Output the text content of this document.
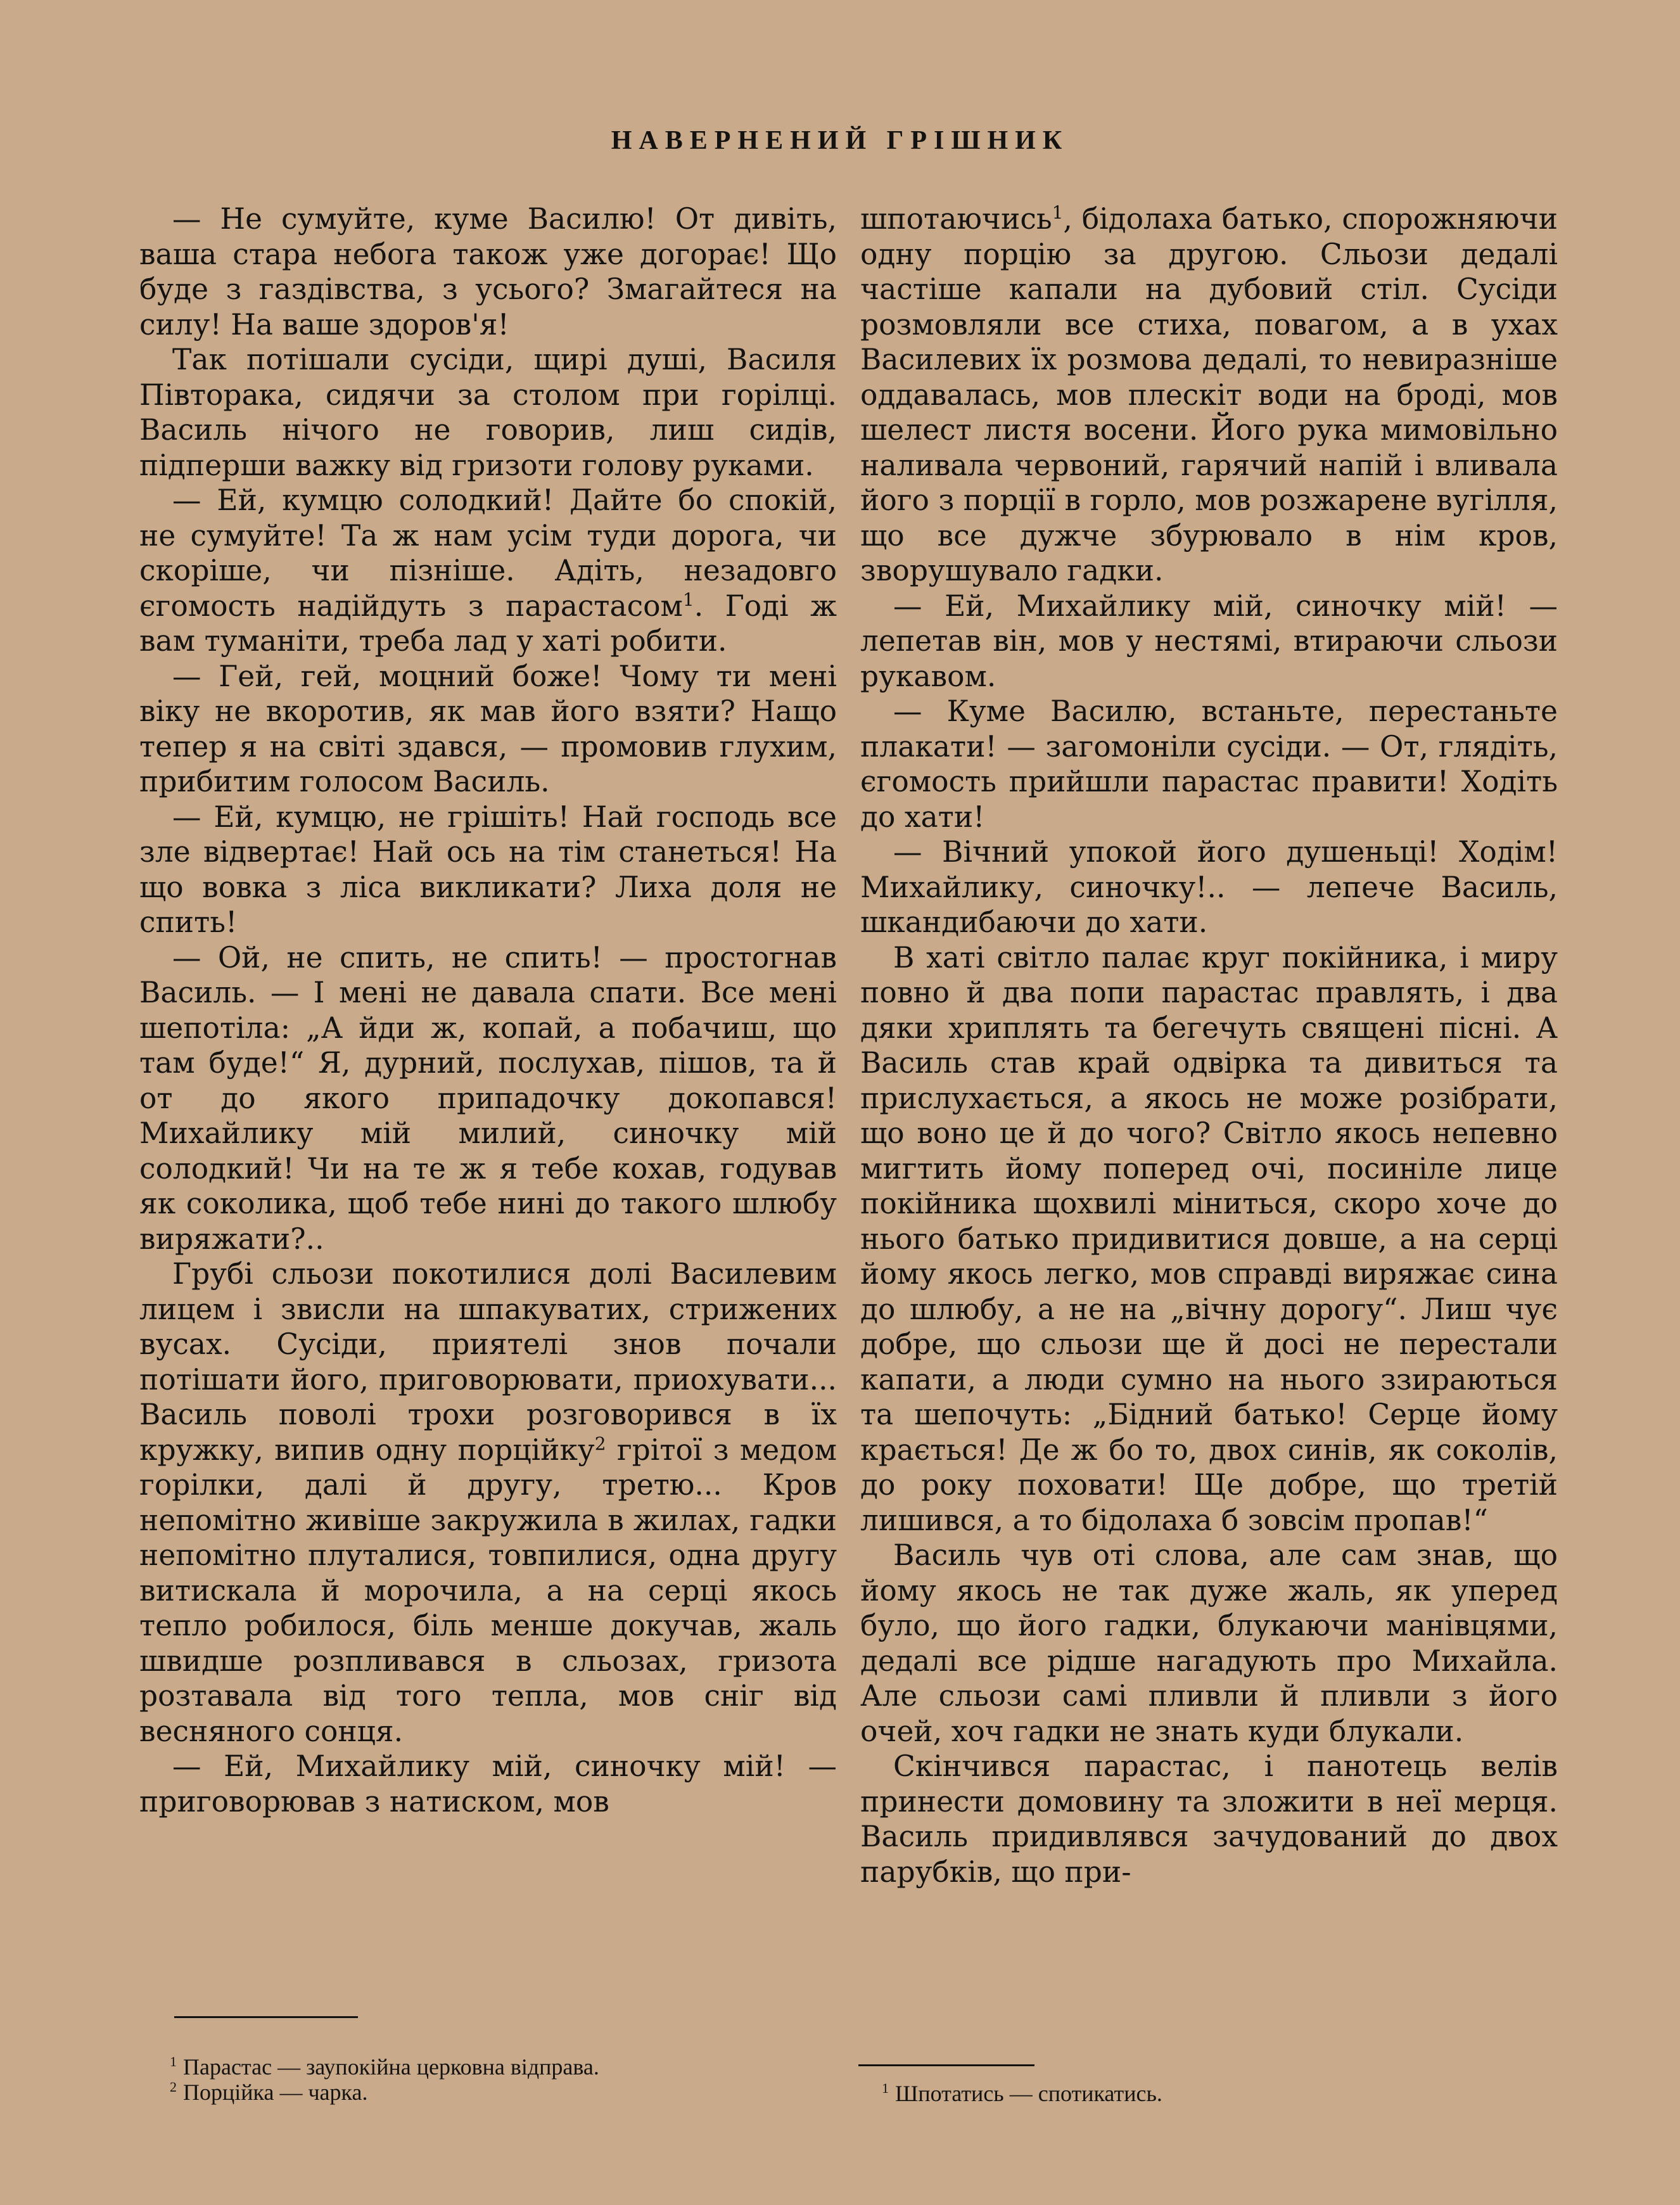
НАВЕРНЕНИЙ ГРІШНИК

— Не сумуйте, куме Василю! От дивіть, ваша стара небога також уже догорає! Що буде з газдівства, з усього? Змагайтеся на силу! На ваше здоров'я!

Так потішали сусіди, щирі душі, Василя Півторака, сидячи за столом при горілці. Василь нічого не говорив, лиш сидів, підперши важку від гризоти голову руками.

— Ей, кумцю солодкий! Дайте бо спокій, не сумуйте! Та ж нам усім туди дорога, чи скоріше, чи пізніше. Адіть, незадовго єгомость надійдуть з парастасом$^1$. Годі ж вам туманіти, треба лад у хаті робити.

— Гей, гей, моцний боже! Чому ти мені віку не вкоротив, як мав його взяти? Нащо тепер я на світі здався, — промовив глухим, прибитим голосом Василь.

— Ей, кумцю, не грішіть! Най господь все зле відвертає! Най ось на тім станеться! На що вовка з ліса викликати? Лиха доля не спить!

— Ой, не спить, не спить! — простогнав Василь. — І мені не давала спати. Все мені шепотіла: „А йди ж, копай, а побачиш, що там буде!“ Я, дурний, послухав, пішов, та й от до якого припадочку докопався! Михайлику мій милий, синочку мій солодкий! Чи на те ж я тебе кохав, годував як соколика, щоб тебе нині до такого шлюбу виряжати?..

Грубі сльози покотилися долі Василевим лицем і звисли на шпакуватих, стрижених вусах. Сусіди, приятелі знов почали потішати його, приговорювати, приохувати... Василь поволі трохи розговорився в їх кружку, випив одну порційку$^2$ грітої з медом горілки, далі й другу, третю... Кров непомітно живіше закружила в жилах, гадки непомітно плуталися, товпилися, одна другу витискала й морочила, а на серці якось тепло робилося, біль менше докучав, жаль швидше розпливався в сльозах, гризота розтавала від того тепла, мов сніг від весняного сонця.

— Ей, Михайлику мій, синочку мій! — приговорював з натиском, мов

шпотаючись$^1$, бідолаха батько, спорожняючи одну порцію за другою. Сльози дедалі частіше капали на дубовий стіл. Сусіди розмовляли все стиха, повагом, а в ухах Василевих їх розмова дедалі, то невиразніше оддавалась, мов плескіт води на броді, мов шелест листя восени. Його рука мимовільно наливала червоний, гарячий напій і вливала його з порції в горло, мов розжарене вугілля, що все дужче збурювало в нім кров, зворушувало гадки.

— Ей, Михайлику мій, синочку мій! — лепетав він, мов у нестямі, втираючи сльози рукавом.

— Куме Василю, встаньте, перестаньте плакати! — загомоніли сусіди. — От, глядіть, єгомость прийшли парастас правити! Ходіть до хати!

— Вічний упокой його душеньці! Ходім! Михайлику, синочку!.. — лепече Василь, шкандибаючи до хати.

В хаті світло палає круг покійника, і миру повно й два попи парастас правлять, і два дяки хриплять та бегечуть священі пісні. А Василь став край одвірка та дивиться та прислухається, а якось не може розібрати, що воно це й до чого? Світло якось непевно мигтить йому поперед очі, посиніле лице покійника щохвилі міниться, скоро хоче до нього батько придивитися довше, а на серці йому якось легко, мов справді виряжає сина до шлюбу, а не на „вічну дорогу“. Лиш чує добре, що сльози ще й досі не перестали капати, а люди сумно на нього ззираються та шепочуть: „Бідний батько! Серце йому крається! Де ж бо то, двох синів, як соколів, до року поховати! Ще добре, що третій лишився, а то бідолаха б зовсім пропав!“

Василь чув оті слова, але сам знав, що йому якось не так дуже жаль, як уперед було, що його гадки, блукаючи манівцями, дедалі все рідше нагадують про Михайла. Але сльози самі пливли й пливли з його очей, хоч гадки не знать куди блукали.

Скінчився парастас, і панотець велів принести домовину та зложити в неї мерця. Василь придивлявся зачудований до двох парубків, що при-

$^1$ Парастас — заупокійна церковна відправа.

$^2$ Порційка — чарка.	$^1$ Шпотатись — спотикатись.
